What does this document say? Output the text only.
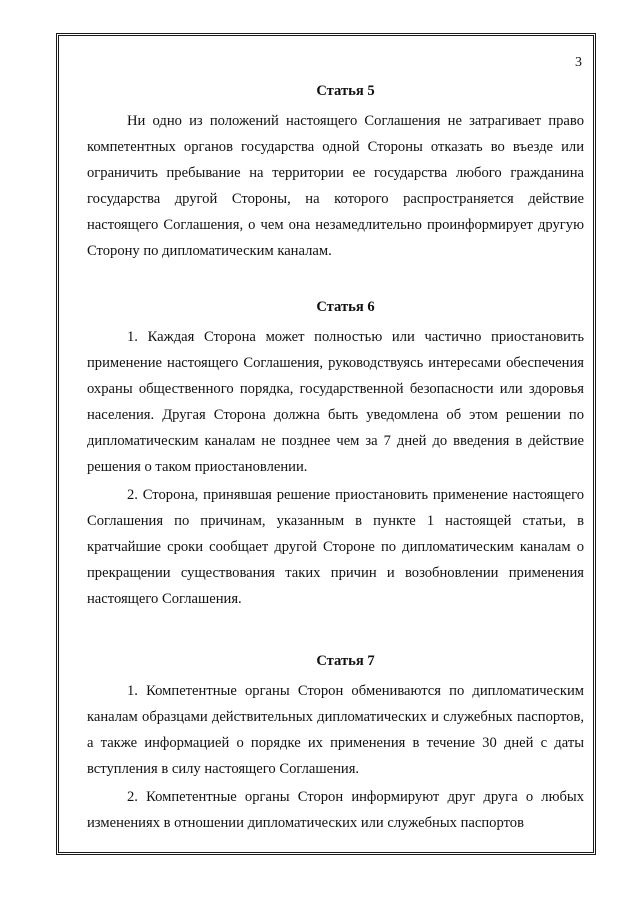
3
Статья 5

Ни одно из положений настоящего Соглашения не затрагивает право компетентных органов государства одной Стороны отказать во въезде или ограничить пребывание на территории ее государства любого гражданина государства другой Стороны, на которого распространяется действие настоящего Соглашения, о чем она незамедлительно проинформирует другую Сторону по дипломатическим каналам.

Статья 6

1. Каждая Сторона может полностью или частично приостановить применение настоящего Соглашения, руководствуясь интересами обеспечения охраны общественного порядка, государственной безопасности или здоровья населения. Другая Сторона должна быть уведомлена об этом решении по дипломатическим каналам не позднее чем за 7 дней до введения в действие решения о таком приостановлении.

2. Сторона, принявшая решение приостановить применение настоящего Соглашения по причинам, указанным в пункте 1 настоящей статьи, в кратчайшие сроки сообщает другой Стороне по дипломатическим каналам о прекращении существования таких причин и возобновлении применения настоящего Соглашения.

Статья 7

1. Компетентные органы Сторон обмениваются по дипломатическим каналам образцами действительных дипломатических и служебных паспортов, а также информацией о порядке их применения в течение 30 дней с даты вступления в силу настоящего Соглашения.

2. Компетентные органы Сторон информируют друг друга о любых изменениях в отношении дипломатических или служебных паспортов
